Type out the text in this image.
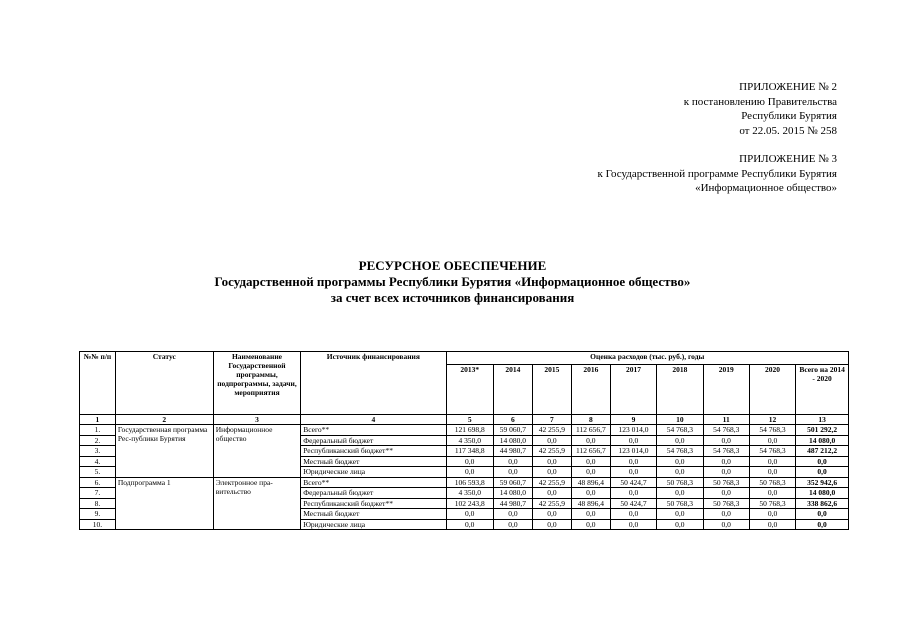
ПРИЛОЖЕНИЕ № 2
к постановлению Правительства
Республики Бурятия
от 22.05. 2015 № 258
ПРИЛОЖЕНИЕ № 3
к Государственной программе Республики Бурятия
«Информационное общество»
РЕСУРСНОЕ ОБЕСПЕЧЕНИЕ
Государственной программы Республики Бурятия «Информационное общество»
за счет всех источников финансирования
№№ п/п	Статус	Наименование Государственной программы, подпрограммы, задачи, мероприятия	Источник финансирования	Оценка расходов (тыс. руб.), годы								
				2013*	2014	2015	2016	2017	2018	2019	2020	Всего на 2014 - 2020
1	2	3	4	5	6	7	8	9	10	11	12	13
1.	Государственная программа Рес-публики Бурятия	Информационное общество	Всего**	121 698,8	59 060,7	42 255,9	112 656,7	123 014,0	54 768,3	54 768,3	54 768,3	501 292,2
2.			Федеральный бюджет	4 350,0	14 080,0	0,0	0,0	0,0	0,0	0,0	0,0	14 080,0
3.			Республиканский бюджет**	117 348,8	44 980,7	42 255,9	112 656,7	123 014,0	54 768,3	54 768,3	54 768,3	487 212,2
4.			Местный бюджет	0,0	0,0	0,0	0,0	0,0	0,0	0,0	0,0	0,0
5.			Юридические лица	0,0	0,0	0,0	0,0	0,0	0,0	0,0	0,0	0,0
6.	Подпрограмма 1	Электронное пра-вительство	Всего**	106 593,8	59 060,7	42 255,9	48 896,4	50 424,7	50 768,3	50 768,3	50 768,3	352 942,6
7.			Федеральный бюджет	4 350,0	14 080,0	0,0	0,0	0,0	0,0	0,0	0,0	14 080,0
8.			Республиканский бюджет**	102 243,8	44 980,7	42 255,9	48 896,4	50 424,7	50 768,3	50 768,3	50 768,3	338 862,6
9.			Местный бюджет	0,0	0,0	0,0	0,0	0,0	0,0	0,0	0,0	0,0
10.			Юридические лица	0,0	0,0	0,0	0,0	0,0	0,0	0,0	0,0	0,0
